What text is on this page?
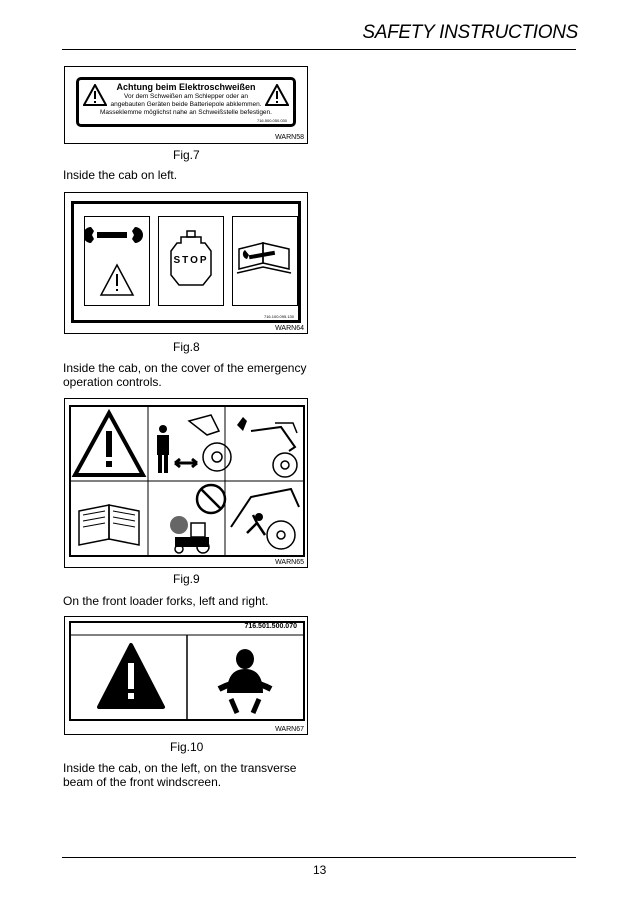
SAFETY INSTRUCTIONS
Achtung beim Elektroschweißen
Vor dem Schweißen am Schlepper oder an
angebauten Geräten beide Batteriepole abklemmen.
Masseklemme möglichst nahe an Schweißstelle befestigen.
716.500.050.030
WARN58
Fig.7
Inside the cab on left.
STOP
716.100.095.130
WARN64
Fig.8
Inside the cab, on the cover of the emergency operation controls.
WARN65
Fig.9
On the front loader forks, left and right.
716.501.500.070
WARN67
Fig.10
Inside the cab, on the left, on the transverse beam of the front windscreen.
13
